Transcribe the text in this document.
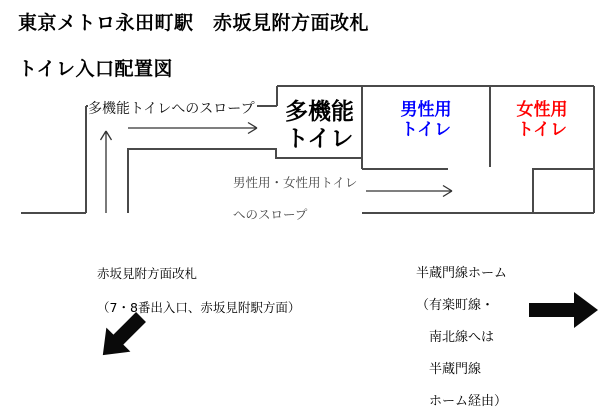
東京メトロ永田町駅　赤坂見附方面改札

トイレ入口配置図
多機能トイレへのスロープ	多機能
トイレ
男性用
トイレ
女性用
トイレ
男性用・女性用トイレ

へのスロープ
赤坂見附方面改札

（7・8番出入口、赤坂見附駅方面）
半蔵門線ホーム

（有楽町線・

　南北線へは

　半蔵門線

　ホーム経由）
